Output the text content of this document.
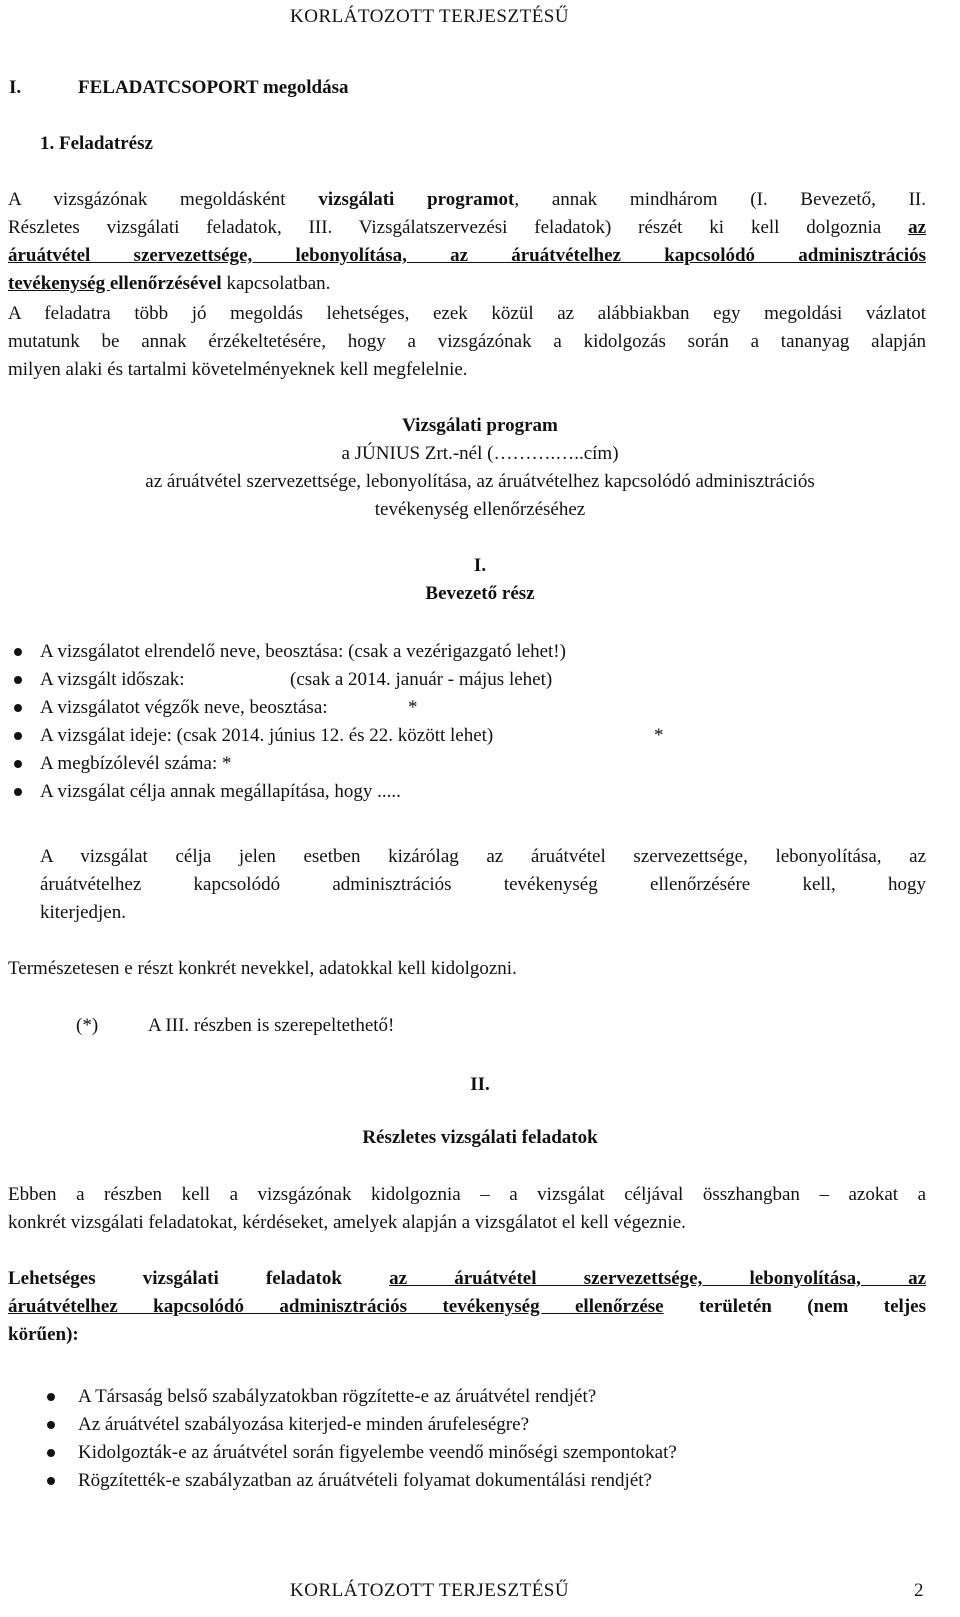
KORLÁTOZOTT TERJESZTÉSŰ
I.	FELADATCSOPORT megoldása
1. Feladatrész
A vizsgázónak megoldásként vizsgálati programot, annak mindhárom (I. Bevezető, II.
Részletes vizsgálati feladatok, III. Vizsgálatszervezési feladatok) részét ki kell dolgoznia az
áruátvétel szervezettsége, lebonyolítása, az áruátvételhez kapcsolódó adminisztrációs
tevékenység ellenőrzésével kapcsolatban.
A feladatra több jó megoldás lehetséges, ezek közül az alábbiakban egy megoldási vázlatot
mutatunk be annak érzékeltetésére, hogy a vizsgázónak a kidolgozás során a tananyag alapján
milyen alaki és tartalmi követelményeknek kell megfelelnie.
Vizsgálati program
a JÚNIUS Zrt.-nél (……….…..cím)
az áruátvétel szervezettsége, lebonyolítása, az áruátvételhez kapcsolódó adminisztrációs
tevékenység ellenőrzéséhez
I.
Bevezető rész
A vizsgálatot elrendelő neve, beosztása: (csak a vezérigazgató lehet!)
A vizsgált időszak:	(csak a 2014. január - május lehet)
A vizsgálatot végzők neve, beosztása:	*
A vizsgálat ideje: (csak 2014. június 12. és 22. között lehet)	*
A megbízólevél száma: *
A vizsgálat célja annak megállapítása, hogy .....
A vizsgálat célja jelen esetben kizárólag az áruátvétel szervezettsége, lebonyolítása, az
áruátvételhez kapcsolódó adminisztrációs tevékenység ellenőrzésére kell, hogy
kiterjedjen.
Természetesen e részt konkrét nevekkel, adatokkal kell kidolgozni.
(*)	A III. részben is szerepeltethető!
II.
Részletes vizsgálati feladatok
Ebben a részben kell a vizsgázónak kidolgoznia – a vizsgálat céljával összhangban – azokat a
konkrét vizsgálati feladatokat, kérdéseket, amelyek alapján a vizsgálatot el kell végeznie.
Lehetséges vizsgálati feladatok az áruátvétel szervezettsége, lebonyolítása, az
áruátvételhez kapcsolódó adminisztrációs tevékenység ellenőrzése területén (nem teljes
körűen):
A Társaság belső szabályzatokban rögzítette-e az áruátvétel rendjét?
Az áruátvétel szabályozása kiterjed-e minden árufeleségre?
Kidolgozták-e az áruátvétel során figyelembe veendő minőségi szempontokat?
Rögzítették-e szabályzatban az áruátvételi folyamat dokumentálási rendjét?
KORLÁTOZOTT TERJESZTÉSŰ	2
